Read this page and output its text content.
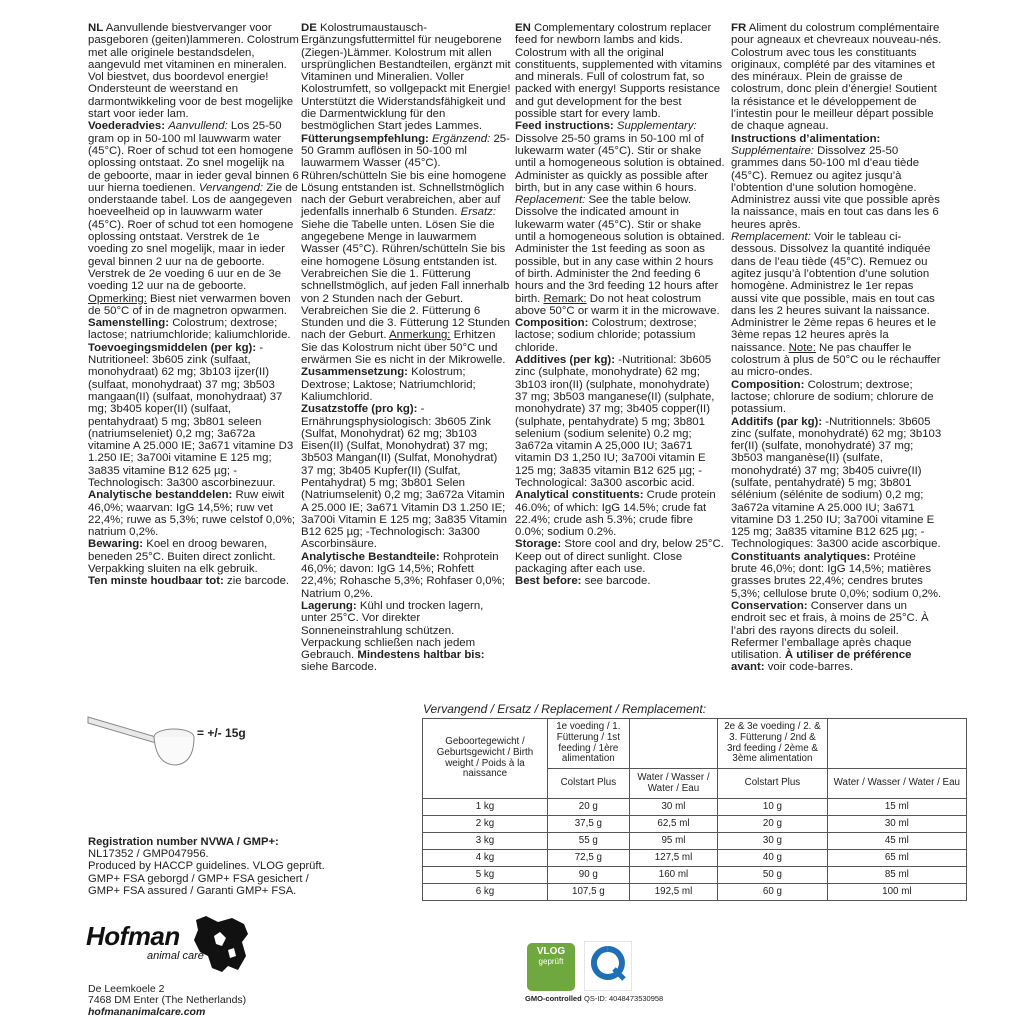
NL Aanvullende biestvervanger voor pasgeboren (geiten)lammeren. Colostrum met alle originele bestandsdelen, aangevuld met vitaminen en mineralen. Vol biestvet, dus boordevol energie! Ondersteunt de weerstand en darmontwikkeling voor de best mogelijke start voor ieder lam.

Voederadvies: Aanvullend: Los 25-50 gram op in 50-100 ml lauwwarm water (45°C). Roer of schud tot een homogene oplossing ontstaat. Zo snel mogelijk na de geboorte, maar in ieder geval binnen 6 uur hierna toedienen. Vervangend: Zie de onderstaande tabel. Los de aangegeven hoeveelheid op in lauwwarm water (45°C). Roer of schud tot een homogene oplossing ontstaat. Verstrek de 1e voeding zo snel mogelijk, maar in ieder geval binnen 2 uur na de geboorte. Verstrek de 2e voeding 6 uur en de 3e voeding 12 uur na de geboorte. Opmerking: Biest niet verwarmen boven de 50°C of in de magnetron opwarmen.

Samenstelling: Colostrum; dextrose; lactose; natriumchloride; kaliumchloride.

Toevoegingsmiddelen (per kg): -Nutritioneel: 3b605 zink (sulfaat, monohydraat) 62 mg; 3b103 ijzer(II) (sulfaat, monohydraat) 37 mg; 3b503 mangaan(II) (sulfaat, monohydraat) 37 mg; 3b405 koper(II) (sulfaat, pentahydraat) 5 mg; 3b801 seleen (natriumseleniet) 0,2 mg; 3a672a vitamine A 25.000 IE; 3a671 vitamine D3 1.250 IE; 3a700i vitamine E 125 mg; 3a835 vitamine B12 625 µg; -Technologisch: 3a300 ascorbinezuur.

Analytische bestanddelen: Ruw eiwit 46,0%; waarvan: IgG 14,5%; ruw vet 22,4%; ruwe as 5,3%; ruwe celstof 0,0%; natrium 0,2%.

Bewaring: Koel en droog bewaren, beneden 25°C. Buiten direct zonlicht. Verpakking sluiten na elk gebruik.

Ten minste houdbaar tot: zie barcode.

DE Kolostrumaustausch-Ergänzungsfuttermittel für neugeborene (Ziegen-)Lämmer. Kolostrum mit allen ursprünglichen Bestandteilen, ergänzt mit Vitaminen und Mineralien. Voller Kolostrumfett, so vollgepackt mit Energie! Unterstützt die Widerstandsfähigkeit und die Darmentwicklung für den bestmöglichen Start jedes Lammes.

Fütterungsempfehlung: Ergänzend: 25-50 Gramm auflösen in 50-100 ml lauwarmem Wasser (45°C). Rühren/schütteln Sie bis eine homogene Lösung entstanden ist. Schnellstmöglich nach der Geburt verabreichen, aber auf jedenfalls innerhalb 6 Stunden. Ersatz: Siehe die Tabelle unten. Lösen Sie die angegebene Menge in lauwarmem Wasser (45°C). Rühren/schütteln Sie bis eine homogene Lösung entstanden ist. Verabreichen Sie die 1. Fütterung schnellstmöglich, auf jeden Fall innerhalb von 2 Stunden nach der Geburt. Verabreichen Sie die 2. Fütterung 6 Stunden und die 3. Fütterung 12 Stunden nach der Geburt. Anmerkung: Erhitzen Sie das Kolostrum nicht über 50°C und erwärmen Sie es nicht in der Mikrowelle.

Zusammensetzung: Kolostrum; Dextrose; Laktose; Natriumchlorid; Kaliumchlorid.

Zusatzstoffe (pro kg): -Ernährungsphysiologisch: 3b605 Zink (Sulfat, Monohydrat) 62 mg; 3b103 Eisen(II) (Sulfat, Monohydrat) 37 mg; 3b503 Mangan(II) (Sulfat, Monohydrat) 37 mg; 3b405 Kupfer(II) (Sulfat, Pentahydrat) 5 mg; 3b801 Selen (Natriumselenit) 0,2 mg; 3a672a Vitamin A 25.000 IE; 3a671 Vitamin D3 1.250 IE; 3a700i Vitamin E 125 mg; 3a835 Vitamin B12 625 µg; -Technologisch: 3a300 Ascorbinsäure.

Analytische Bestandteile: Rohprotein 46,0%; davon: IgG 14,5%; Rohfett 22,4%; Rohasche 5,3%; Rohfaser 0,0%; Natrium 0,2%.

Lagerung: Kühl und trocken lagern, unter 25°C. Vor direkter Sonneneinstrahlung schützen. Verpackung schließen nach jedem Gebrauch. Mindestens haltbar bis: siehe Barcode.

EN Complementary colostrum replacer feed for newborn lambs and kids. Colostrum with all the original constituents, supplemented with vitamins and minerals. Full of colostrum fat, so packed with energy! Supports resistance and gut development for the best possible start for every lamb.

Feed instructions: Supplementary: Dissolve 25-50 grams in 50-100 ml of lukewarm water (45°C). Stir or shake until a homogeneous solution is obtained. Administer as quickly as possible after birth, but in any case within 6 hours. Replacement: See the table below. Dissolve the indicated amount in lukewarm water (45°C). Stir or shake until a homogeneous solution is obtained. Administer the 1st feeding as soon as possible, but in any case within 2 hours of birth. Administer the 2nd feeding 6 hours and the 3rd feeding 12 hours after birth. Remark: Do not heat colostrum above 50°C or warm it in the microwave.

Composition: Colostrum; dextrose; lactose; sodium chloride; potassium chloride.

Additives (per kg): -Nutritional: 3b605 zinc (sulphate, monohydrate) 62 mg; 3b103 iron(II) (sulphate, monohydrate) 37 mg; 3b503 manganese(II) (sulphate, monohydrate) 37 mg; 3b405 copper(II) (sulphate, pentahydrate) 5 mg; 3b801 selenium (sodium selenite) 0.2 mg; 3a672a vitamin A 25,000 IU; 3a671 vitamin D3 1,250 IU; 3a700i vitamin E 125 mg; 3a835 vitamin B12 625 µg; -Technological: 3a300 ascorbic acid.

Analytical constituents: Crude protein 46.0%; of which: IgG 14.5%; crude fat 22.4%; crude ash 5.3%; crude fibre 0.0%; sodium 0.2%.

Storage: Store cool and dry, below 25°C. Keep out of direct sunlight. Close packaging after each use.

Best before: see barcode.

FR Aliment du colostrum complémentaire pour agneaux et chevreaux nouveau-nés. Colostrum avec tous les constituants originaux, complété par des vitamines et des minéraux. Plein de graisse de colostrum, donc plein d’énergie! Soutient la résistance et le développement de l’intestin pour le meilleur départ possible de chaque agneau.

Instructions d’alimentation:

Supplémentaire: Dissolvez 25-50 grammes dans 50-100 ml d’eau tiède (45°C). Remuez ou agitez jusqu’à l’obtention d’une solution homogène. Administrez aussi vite que possible après la naissance, mais en tout cas dans les 6 heures après.

Remplacement: Voir le tableau ci-dessous. Dissolvez la quantité indiquée dans de l’eau tiède (45°C). Remuez ou agitez jusqu’à l’obtention d’une solution homogène. Administrez le 1er repas aussi vite que possible, mais en tout cas dans les 2 heures suivant la naissance. Administrer le 2ème repas 6 heures et le 3ème repas 12 heures après la naissance. Note: Ne pas chauffer le colostrum à plus de 50°C ou le réchauffer au micro-ondes.

Composition: Colostrum; dextrose; lactose; chlorure de sodium; chlorure de potassium.

Additifs (par kg): -Nutritionnels: 3b605 zinc (sulfate, monohydraté) 62 mg; 3b103 fer(II) (sulfate, monohydraté) 37 mg; 3b503 manganèse(II) (sulfate, monohydraté) 37 mg; 3b405 cuivre(II) (sulfate, pentahydraté) 5 mg; 3b801 sélénium (sélénite de sodium) 0,2 mg; 3a672a vitamine A 25.000 IU; 3a671 vitamine D3 1.250 IU; 3a700i vitamine E 125 mg; 3a835 vitamine B12 625 µg; -Technologiques: 3a300 acide ascorbique.

Constituants analytiques: Protéine brute 46,0%; dont: IgG 14,5%; matières grasses brutes 22,4%; cendres brutes 5,3%; cellulose brute 0,0%; sodium 0,2%.

Conservation: Conserver dans un endroit sec et frais, à moins de 25°C. À l’abri des rayons directs du soleil. Refermer l’emballage après chaque utilisation. À utiliser de préférence avant: voir code-barres.

= +/- 15g
Vervangend / Ersatz / Replacement / Remplacement:
Geboortegewicht / Geburtsgewicht / Birth weight / Poids à la naissance	1e voeding / 1. Fütterung / 1st feeding / 1ère alimentation		2e & 3e voeding / 2. & 3. Fütterung / 2nd & 3rd feeding / 2ème & 3ème alimentation	
	Colstart Plus	Water / Wasser / Water / Eau	Colstart Plus	Water / Wasser / Water / Eau
1 kg	20 g	30 ml	10 g	15 ml
2 kg	37,5 g	62,5 ml	20 g	30 ml
3 kg	55 g	95 ml	30 g	45 ml
4 kg	72,5 g	127,5 ml	40 g	65 ml
5 kg	90 g	160 ml	50 g	85 ml
6 kg	107,5 g	192,5 ml	60 g	100 ml

Registration number NVWA / GMP+:

NL17352 / GMP047956.

Produced by HACCP guidelines. VLOG geprüft.

GMP+ FSA geborgd / GMP+ FSA gesichert /

GMP+ FSA assured / Garanti GMP+ FSA.

Hofman
animal care

De Leemkoele 2

7468 DM Enter (The Netherlands)

hofmananimalcare.com

VLOG
geprüft
GMO-controlled QS-ID: 4048473530958
